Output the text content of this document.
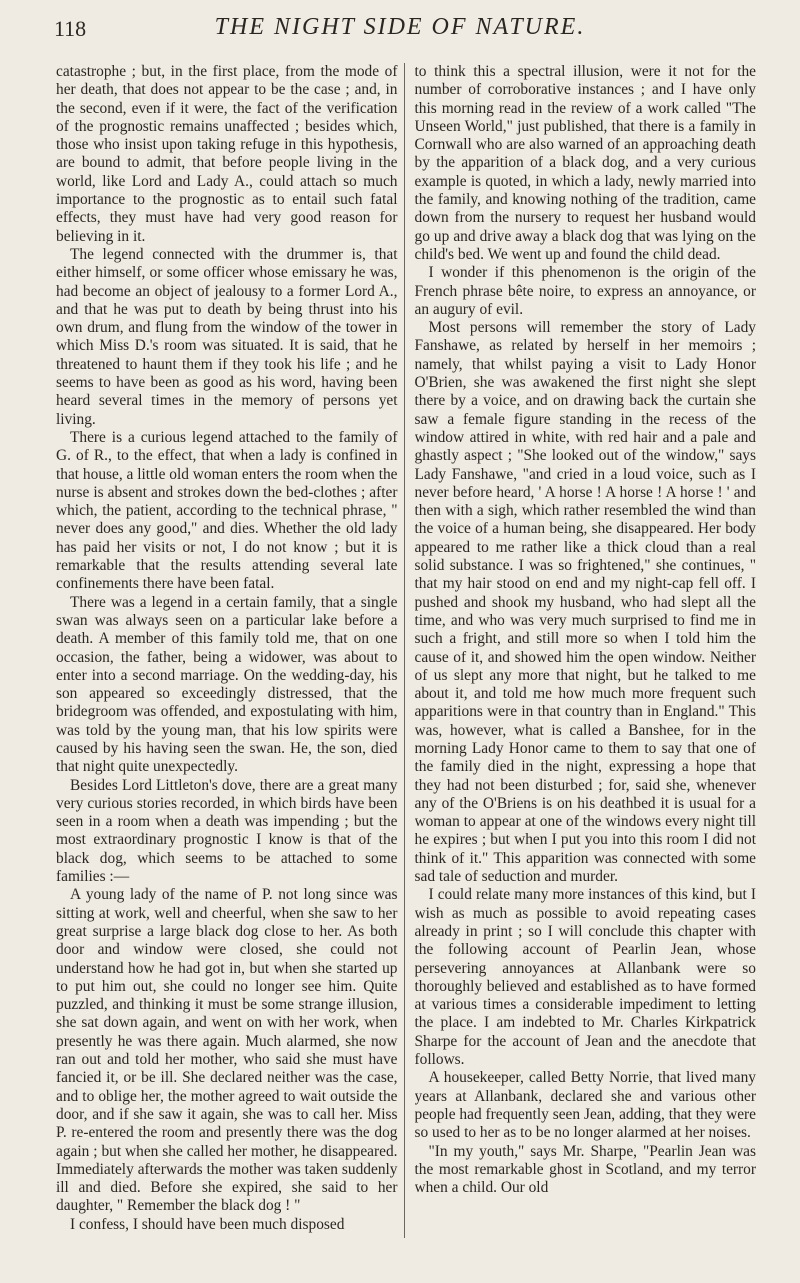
118	THE NIGHT SIDE OF NATURE.

catastrophe ; but, in the first place, from the mode of her death, that does not appear to be the case ; and, in the second, even if it were, the fact of the verification of the prognostic remains unaffected ; besides which, those who insist upon taking refuge in this hypothesis, are bound to admit, that before people living in the world, like Lord and Lady A., could attach so much importance to the prognostic as to entail such fatal effects, they must have had very good reason for believing in it.

The legend connected with the drummer is, that either himself, or some officer whose emissary he was, had become an object of jealousy to a former Lord A., and that he was put to death by being thrust into his own drum, and flung from the window of the tower in which Miss D.'s room was situated. It is said, that he threatened to haunt them if they took his life ; and he seems to have been as good as his word, having been heard several times in the memory of persons yet living.

There is a curious legend attached to the family of G. of R., to the effect, that when a lady is confined in that house, a little old woman enters the room when the nurse is absent and strokes down the bed-clothes ; after which, the patient, according to the technical phrase, " never does any good," and dies. Whether the old lady has paid her visits or not, I do not know ; but it is remarkable that the results attending several late confinements there have been fatal.

There was a legend in a certain family, that a single swan was always seen on a particular lake before a death. A member of this family told me, that on one occasion, the father, being a widower, was about to enter into a second marriage. On the wedding-day, his son appeared so exceedingly distressed, that the bridegroom was offended, and expostulating with him, was told by the young man, that his low spirits were caused by his having seen the swan. He, the son, died that night quite unexpectedly.

Besides Lord Littleton's dove, there are a great many very curious stories recorded, in which birds have been seen in a room when a death was impending ; but the most extraordinary prognostic I know is that of the black dog, which seems to be attached to some families :—

A young lady of the name of P. not long since was sitting at work, well and cheerful, when she saw to her great surprise a large black dog close to her. As both door and window were closed, she could not understand how he had got in, but when she started up to put him out, she could no longer see him. Quite puzzled, and thinking it must be some strange illusion, she sat down again, and went on with her work, when presently he was there again. Much alarmed, she now ran out and told her mother, who said she must have fancied it, or be ill. She declared neither was the case, and to oblige her, the mother agreed to wait outside the door, and if she saw it again, she was to call her. Miss P. re-entered the room and presently there was the dog again ; but when she called her mother, he disappeared. Immediately afterwards the mother was taken suddenly ill and died. Before she expired, she said to her daughter, " Remember the black dog ! "

I confess, I should have been much disposed

to think this a spectral illusion, were it not for the number of corroborative instances ; and I have only this morning read in the review of a work called "The Unseen World," just published, that there is a family in Cornwall who are also warned of an approaching death by the apparition of a black dog, and a very curious example is quoted, in which a lady, newly married into the family, and knowing nothing of the tradition, came down from the nursery to request her husband would go up and drive away a black dog that was lying on the child's bed. We went up and found the child dead.

I wonder if this phenomenon is the origin of the French phrase bête noire, to express an annoyance, or an augury of evil.

Most persons will remember the story of Lady Fanshawe, as related by herself in her memoirs ; namely, that whilst paying a visit to Lady Honor O'Brien, she was awakened the first night she slept there by a voice, and on drawing back the curtain she saw a female figure standing in the recess of the window attired in white, with red hair and a pale and ghastly aspect ; "She looked out of the window," says Lady Fanshawe, "and cried in a loud voice, such as I never before heard, ' A horse ! A horse ! A horse ! ' and then with a sigh, which rather resembled the wind than the voice of a human being, she disappeared. Her body appeared to me rather like a thick cloud than a real solid substance. I was so frightened," she continues, " that my hair stood on end and my night-cap fell off. I pushed and shook my husband, who had slept all the time, and who was very much surprised to find me in such a fright, and still more so when I told him the cause of it, and showed him the open window. Neither of us slept any more that night, but he talked to me about it, and told me how much more frequent such apparitions were in that country than in England." This was, however, what is called a Banshee, for in the morning Lady Honor came to them to say that one of the family died in the night, expressing a hope that they had not been disturbed ; for, said she, whenever any of the O'Briens is on his deathbed it is usual for a woman to appear at one of the windows every night till he expires ; but when I put you into this room I did not think of it." This apparition was connected with some sad tale of seduction and murder.

I could relate many more instances of this kind, but I wish as much as possible to avoid repeating cases already in print ; so I will conclude this chapter with the following account of Pearlin Jean, whose persevering annoyances at Allanbank were so thoroughly believed and established as to have formed at various times a considerable impediment to letting the place. I am indebted to Mr. Charles Kirkpatrick Sharpe for the account of Jean and the anecdote that follows.

A housekeeper, called Betty Norrie, that lived many years at Allanbank, declared she and various other people had frequently seen Jean, adding, that they were so used to her as to be no longer alarmed at her noises.

"In my youth," says Mr. Sharpe, "Pearlin Jean was the most remarkable ghost in Scotland, and my terror when a child. Our old
